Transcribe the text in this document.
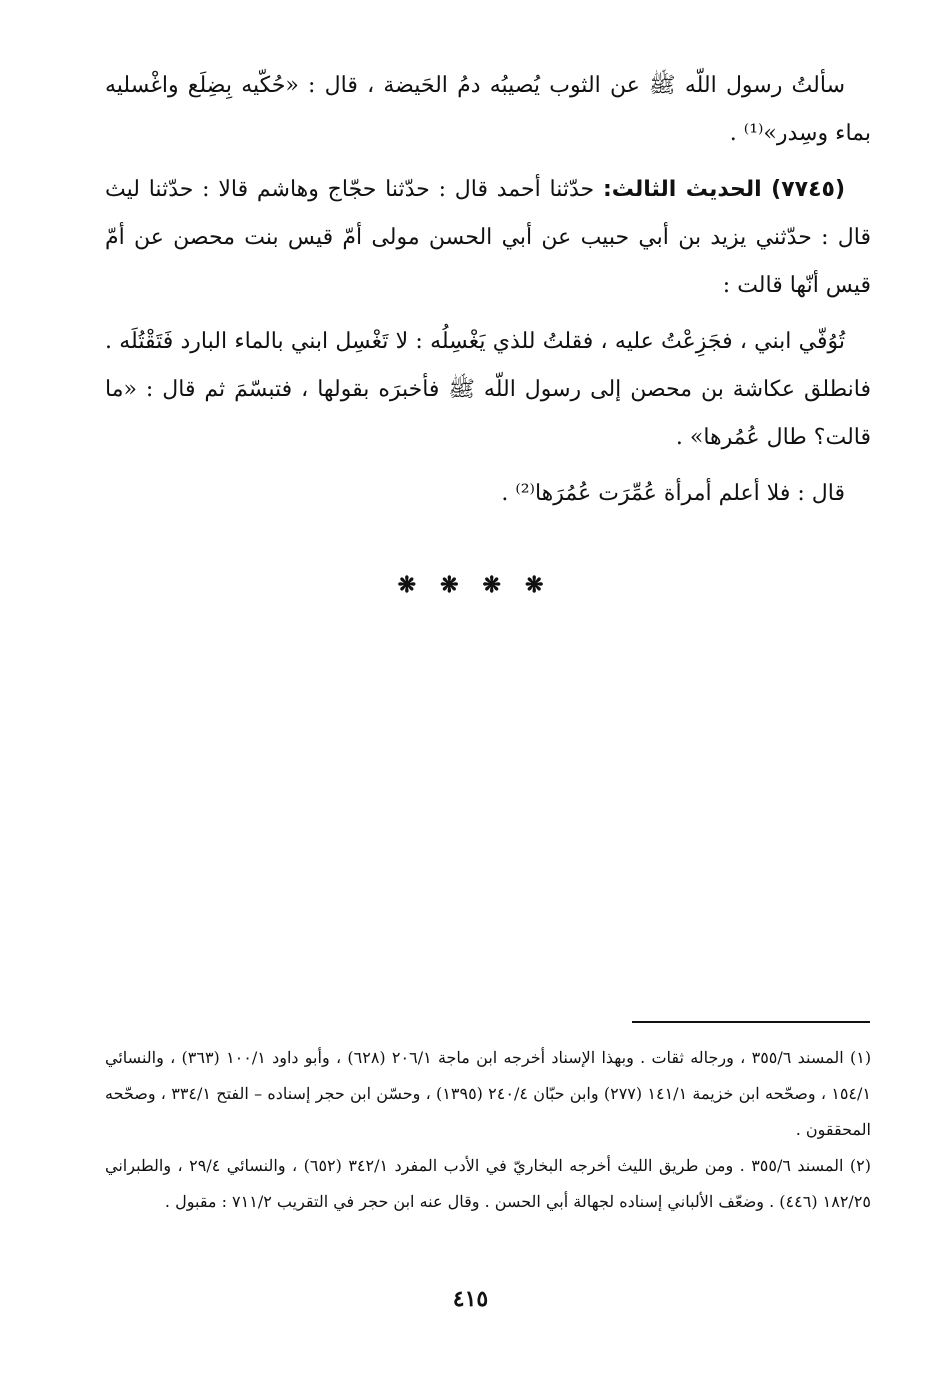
سألتُ رسول اللّه ﷺ عن الثوب يُصيبُه دمُ الحَيضة ، قال : «حُكّيه بِضِلَع واغْسليه بماء وسِدر»⁽¹⁾ .

(٧٧٤٥) الحديث الثالث: حدّثنا أحمد قال : حدّثنا حجّاج وهاشم قالا : حدّثنا ليث قال : حدّثني يزيد بن أبي حبيب عن أبي الحسن مولى أمّ قيس بنت محصن عن أمّ قيس أنّها قالت :

تُوُفّي ابني ، فجَزِعْتُ عليه ، فقلتُ للذي يَغْسِلُه : لا تَغْسِل ابني بالماء البارد فَتَقْتُلَه . فانطلق عكاشة بن محصن إلى رسول اللّه ﷺ فأخبرَه بقولها ، فتبسّمَ ثم قال : «ما قالت؟ طال عُمُرها» .

قال : فلا أعلم أمرأة عُمِّرَت عُمُرَها⁽²⁾ .

❋ ❋ ❋ ❋

(١) المسند ٣٥٥/٦ ، ورجاله ثقات . وبهذا الإسناد أخرجه ابن ماجة ٢٠٦/١ (٦٢٨) ، وأبو داود ١٠٠/١ (٣٦٣) ، والنسائي ١٥٤/١ ، وصحّحه ابن خزيمة ١٤١/١ (٢٧٧) وابن حبّان ٢٤٠/٤ (١٣٩٥) ، وحسّن ابن حجر إسناده – الفتح ٣٣٤/١ ، وصحّحه المحققون .

(٢) المسند ٣٥٥/٦ . ومن طريق الليث أخرجه البخاريّ في الأدب المفرد ٣٤٢/١ (٦٥٢) ، والنسائي ٢٩/٤ ، والطبراني ١٨٢/٢٥ (٤٤٦) . وضعّف الألباني إسناده لجهالة أبي الحسن . وقال عنه ابن حجر في التقريب ٧١١/٢ : مقبول .

٤١٥
